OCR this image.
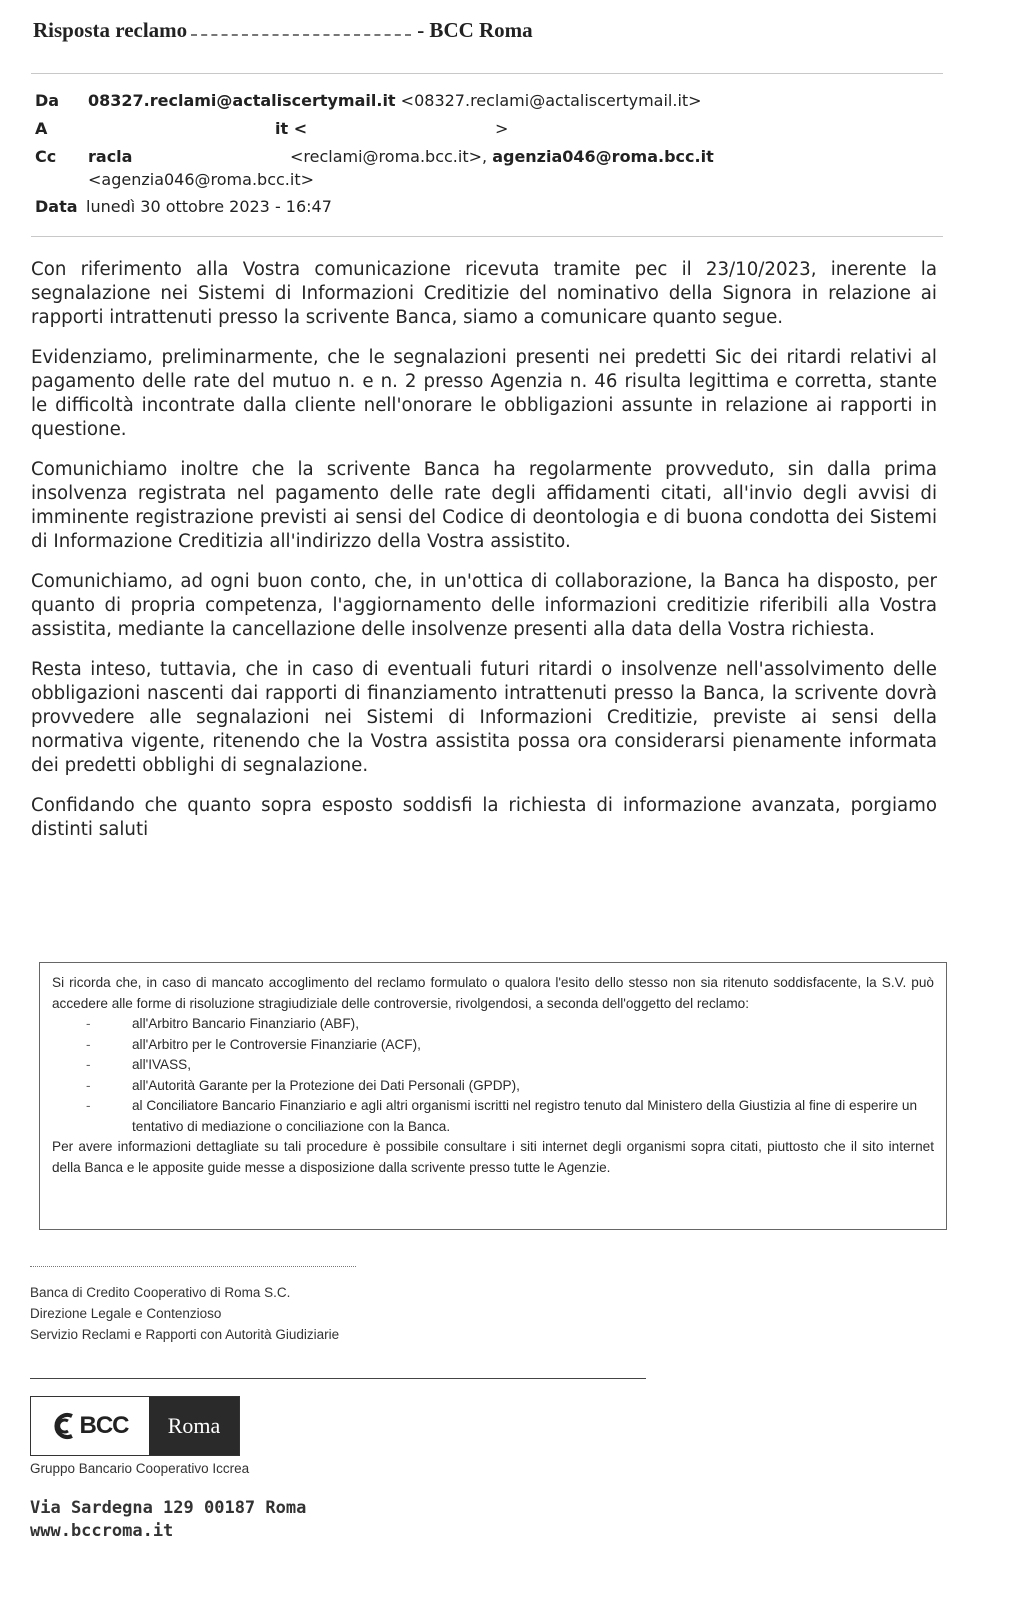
Risposta reclamo	- BCC Roma
Da 08327.reclami@actaliscertymail.it <08327.reclami@actaliscertymail.it>
A	it <	>
Cc racla	<reclami@roma.bcc.it>, agenzia046@roma.bcc.it
<agenzia046@roma.bcc.it>
Data lunedì 30 ottobre 2023 - 16:47

Con riferimento alla Vostra comunicazione ricevuta tramite pec il 23/10/2023, inerente la segnalazione nei Sistemi di Informazioni Creditizie del nominativo della Signora in relazione ai rapporti intrattenuti presso la scrivente Banca, siamo a comunicare quanto segue.

Evidenziamo, preliminarmente, che le segnalazioni presenti nei predetti Sic dei ritardi relativi al pagamento delle rate del mutuo n. e n. 2 presso Agenzia n. 46 risulta legittima e corretta, stante le difficoltà incontrate dalla cliente nell'onorare le obbligazioni assunte in relazione ai rapporti in questione.

Comunichiamo inoltre che la scrivente Banca ha regolarmente provveduto, sin dalla prima insolvenza registrata nel pagamento delle rate degli affidamenti citati, all'invio degli avvisi di imminente registrazione previsti ai sensi del Codice di deontologia e di buona condotta dei Sistemi di Informazione Creditizia all'indirizzo della Vostra assistito.

Comunichiamo, ad ogni buon conto, che, in un'ottica di collaborazione, la Banca ha disposto, per quanto di propria competenza, l'aggiornamento delle informazioni creditizie riferibili alla Vostra assistita, mediante la cancellazione delle insolvenze presenti alla data della Vostra richiesta.

Resta inteso, tuttavia, che in caso di eventuali futuri ritardi o insolvenze nell'assolvimento delle obbligazioni nascenti dai rapporti di finanziamento intrattenuti presso la Banca, la scrivente dovrà provvedere alle segnalazioni nei Sistemi di Informazioni Creditizie, previste ai sensi della normativa vigente, ritenendo che la Vostra assistita possa ora considerarsi pienamente informata dei predetti obblighi di segnalazione.

Confidando che quanto sopra esposto soddisfi la richiesta di informazione avanzata, porgiamo distinti saluti

Si ricorda che, in caso di mancato accoglimento del reclamo formulato o qualora l'esito dello stesso non sia ritenuto soddisfacente, la S.V. può accedere alle forme di risoluzione stragiudiziale delle controversie, rivolgendosi, a seconda dell'oggetto del reclamo:

- all'Arbitro Bancario Finanziario (ABF),
- all'Arbitro per le Controversie Finanziarie (ACF),
- all'IVASS,
- all'Autorità Garante per la Protezione dei Dati Personali (GPDP),
- al Conciliatore Bancario Finanziario e agli altri organismi iscritti nel registro tenuto dal Ministero della Giustizia al fine di esperire un tentativo di mediazione o conciliazione con la Banca.

Per avere informazioni dettagliate su tali procedure è possibile consultare i siti internet degli organismi sopra citati, piuttosto che il sito internet della Banca e le apposite guide messe a disposizione dalla scrivente presso tutte le Agenzie.

Banca di Credito Cooperativo di Roma S.C.
Direzione Legale e Contenzioso
Servizio Reclami e Rapporti con Autorità Giudiziarie
BCC	Roma
Gruppo Bancario Cooperativo Iccrea
Via Sardegna 129 00187 Roma
www.bccroma.it
